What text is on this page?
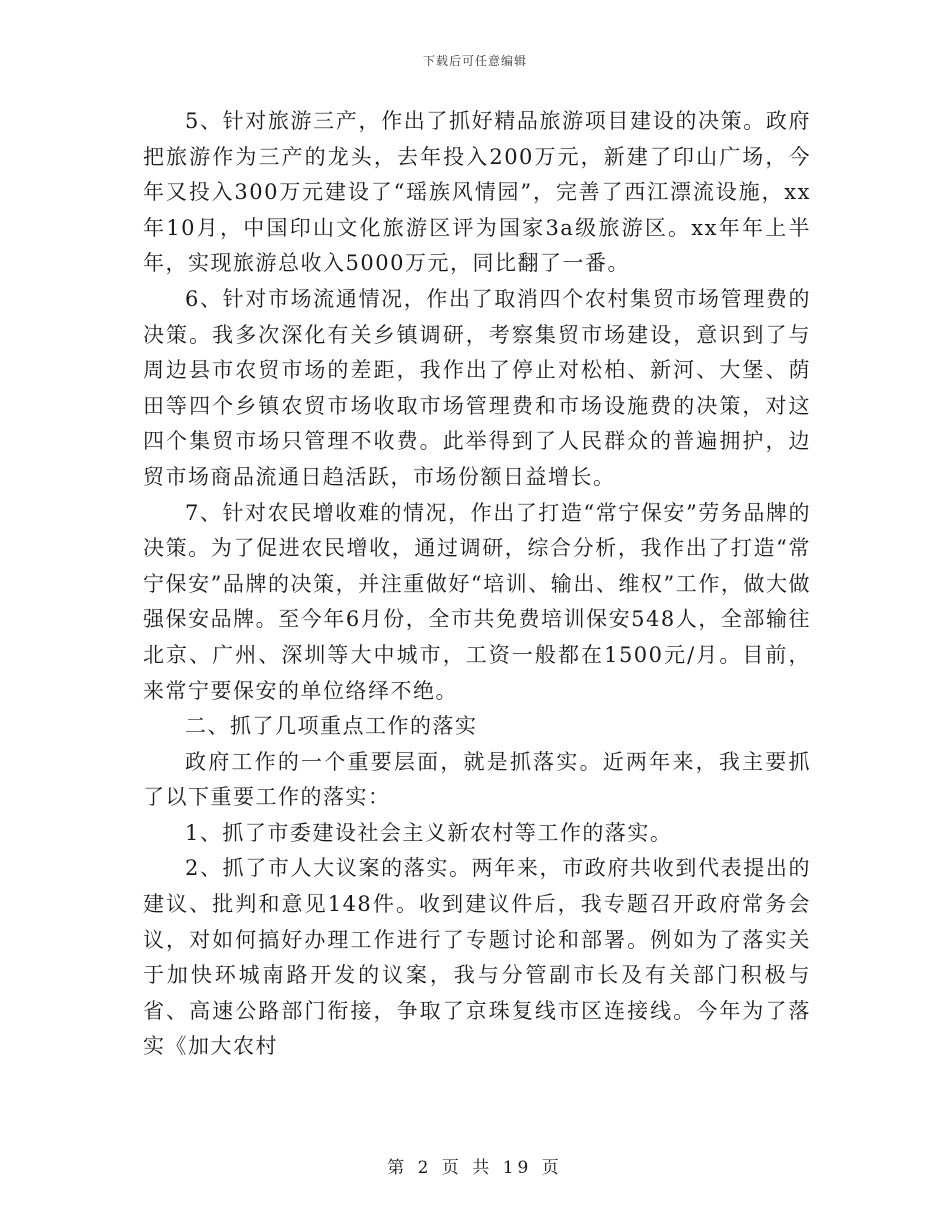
下载后可任意编辑

5、针对旅游三产，作出了抓好精品旅游项目建设的决策。政府把旅游作为三产的龙头，去年投入200万元，新建了印山广场，今年又投入300万元建设了“瑶族风情园”，完善了西江漂流设施，xx年10月，中国印山文化旅游区评为国家3a级旅游区。xx年年上半年，实现旅游总收入5000万元，同比翻了一番。

6、针对市场流通情况，作出了取消四个农村集贸市场管理费的决策。我多次深化有关乡镇调研，考察集贸市场建设，意识到了与周边县市农贸市场的差距，我作出了停止对松柏、新河、大堡、荫田等四个乡镇农贸市场收取市场管理费和市场设施费的决策，对这四个集贸市场只管理不收费。此举得到了人民群众的普遍拥护，边贸市场商品流通日趋活跃，市场份额日益增长。

7、针对农民增收难的情况，作出了打造“常宁保安”劳务品牌的决策。为了促进农民增收，通过调研，综合分析，我作出了打造“常宁保安”品牌的决策，并注重做好“培训、输出、维权”工作，做大做强保安品牌。至今年6月份，全市共免费培训保安548人，全部输往北京、广州、深圳等大中城市，工资一般都在1500元/月。目前，来常宁要保安的单位络绎不绝。

二、抓了几项重点工作的落实

政府工作的一个重要层面，就是抓落实。近两年来，我主要抓了以下重要工作的落实：

1、抓了市委建设社会主义新农村等工作的落实。

2、抓了市人大议案的落实。两年来，市政府共收到代表提出的建议、批判和意见148件。收到建议件后，我专题召开政府常务会议，对如何搞好办理工作进行了专题讨论和部署。例如为了落实关于加快环城南路开发的议案，我与分管副市长及有关部门积极与省、高速公路部门衔接，争取了京珠复线市区连接线。今年为了落实《加大农村

第 2 页 共 19 页
